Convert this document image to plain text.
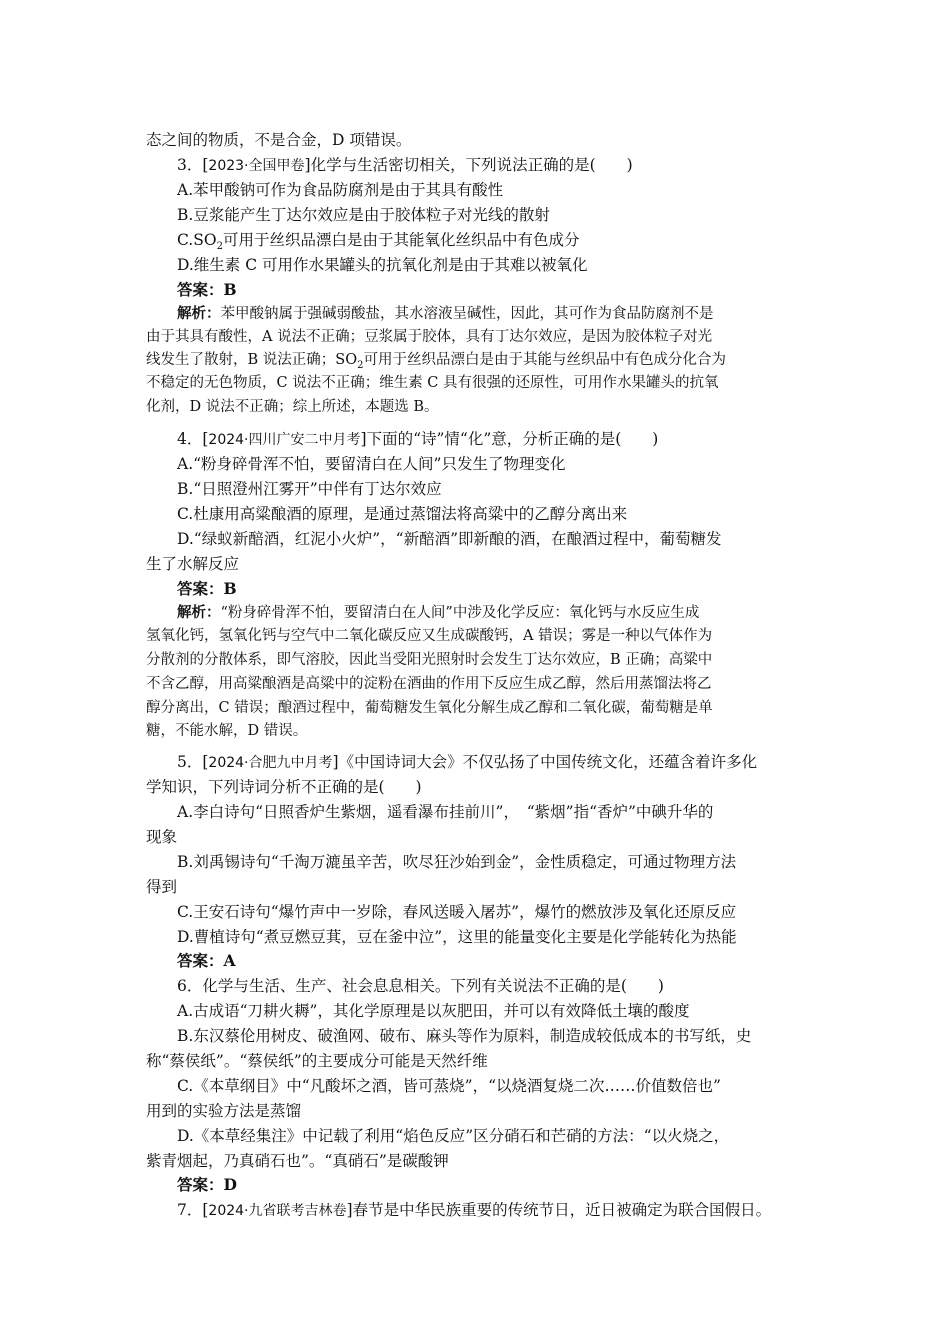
态之间的物质，不是合金，D 项错误。
3．[2023·全国甲卷]化学与生活密切相关，下列说法正确的是(　　)
A.苯甲酸钠可作为食品防腐剂是由于其具有酸性
B.豆浆能产生丁达尔效应是由于胶体粒子对光线的散射
$C.SO_2$可用于丝织品漂白是由于其能氧化丝织品中有色成分
D.维生素 C 可用作水果罐头的抗氧化剂是由于其难以被氧化
答案：B
解析：苯甲酸钠属于强碱弱酸盐，其水溶液呈碱性，因此，其可作为食品防腐剂不是
由于其具有酸性，A 说法不正确；豆浆属于胶体，具有丁达尔效应，是因为胶体粒子对光
线发生了散射，B 说法正确；$SO_2$可用于丝织品漂白是由于其能与丝织品中有色成分化合为
不稳定的无色物质，C 说法不正确；维生素 C 具有很强的还原性，可用作水果罐头的抗氧
化剂，D 说法不正确；综上所述，本题选 B。
4．[2024·四川广安二中月考]下面的“诗”情“化”意，分析正确的是(　　)
A.“粉身碎骨浑不怕，要留清白在人间”只发生了物理变化
B.“日照澄州江雾开”中伴有丁达尔效应
C.杜康用高粱酿酒的原理，是通过蒸馏法将高粱中的乙醇分离出来
D.“绿蚁新醅酒，红泥小火炉”，“新醅酒”即新酿的酒，在酿酒过程中，葡萄糖发
生了水解反应
答案：B
解析：“粉身碎骨浑不怕，要留清白在人间”中涉及化学反应：氧化钙与水反应生成
氢氧化钙，氢氧化钙与空气中二氧化碳反应又生成碳酸钙，A 错误；雾是一种以气体作为
分散剂的分散体系，即气溶胶，因此当受阳光照射时会发生丁达尔效应，B 正确；高粱中
不含乙醇，用高粱酿酒是高粱中的淀粉在酒曲的作用下反应生成乙醇，然后用蒸馏法将乙
醇分离出，C 错误；酿酒过程中，葡萄糖发生氧化分解生成乙醇和二氧化碳，葡萄糖是单
糖，不能水解，D 错误。
5．[2024·合肥九中月考]《中国诗词大会》不仅弘扬了中国传统文化，还蕴含着许多化
学知识，下列诗词分析不正确的是(　　)
A.李白诗句“日照香炉生紫烟，遥看瀑布挂前川”，　“紫烟”指“香炉”中碘升华的
现象
B.刘禹锡诗句“千淘万漉虽辛苦，吹尽狂沙始到金”，金性质稳定，可通过物理方法
得到
C.王安石诗句“爆竹声中一岁除，春风送暖入屠苏”，爆竹的燃放涉及氧化还原反应
D.曹植诗句“煮豆燃豆萁，豆在釜中泣”，这里的能量变化主要是化学能转化为热能
答案：A
6．化学与生活、生产、社会息息相关。下列有关说法不正确的是(　　)
A.古成语“刀耕火耨”，其化学原理是以灰肥田，并可以有效降低土壤的酸度
B.东汉蔡伦用树皮、破渔网、破布、麻头等作为原料，制造成较低成本的书写纸，史
称“蔡侯纸”。“蔡侯纸”的主要成分可能是天然纤维
C.《本草纲目》中“凡酸坏之酒，皆可蒸烧”，“以烧酒复烧二次……价值数倍也”
用到的实验方法是蒸馏
D.《本草经集注》中记载了利用“焰色反应”区分硝石和芒硝的方法：“以火烧之，
紫青烟起，乃真硝石也”。“真硝石”是碳酸钾
答案：D
7．[2024·九省联考吉林卷]春节是中华民族重要的传统节日，近日被确定为联合国假日。
